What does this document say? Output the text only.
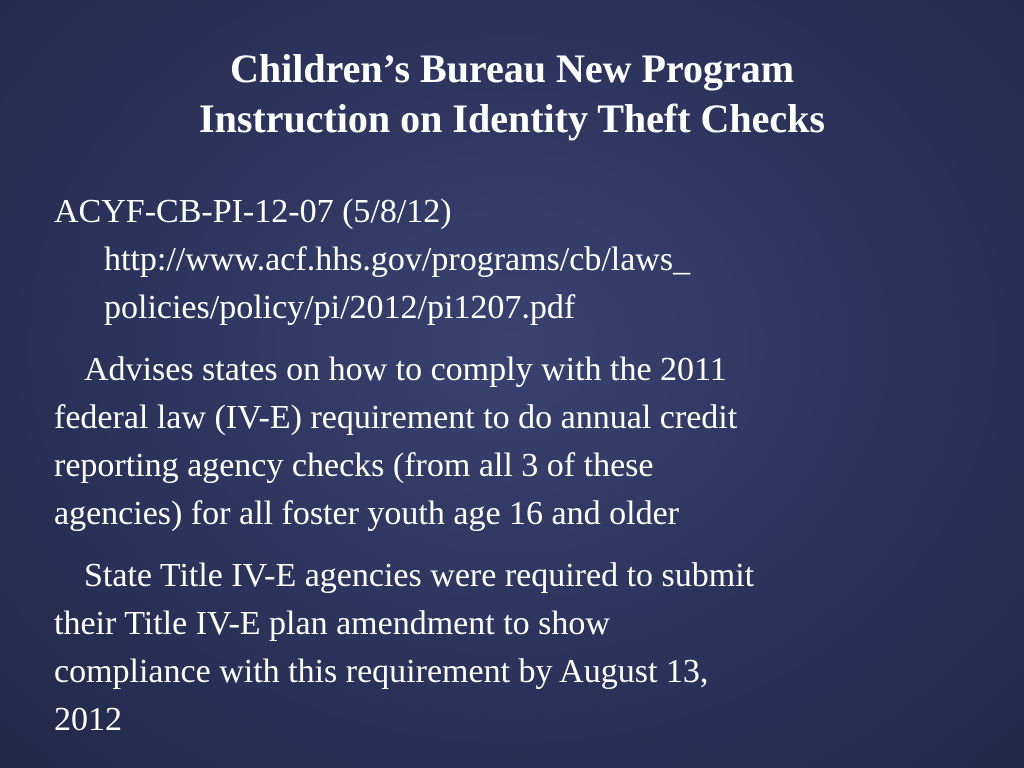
Children’s Bureau New Program
Instruction on Identity Theft Checks
ACYF-CB-PI-12-07 (5/8/12)
http://www.acf.hhs.gov/programs/cb/laws_
policies/policy/pi/2012/pi1207.pdf
Advises states on how to comply with the 2011
federal law (IV-E) requirement to do annual credit
reporting agency checks (from all 3 of these
agencies) for all foster youth age 16 and older
State Title IV-E agencies were required to submit
their Title IV-E plan amendment to show
compliance with this requirement by August 13,
2012
